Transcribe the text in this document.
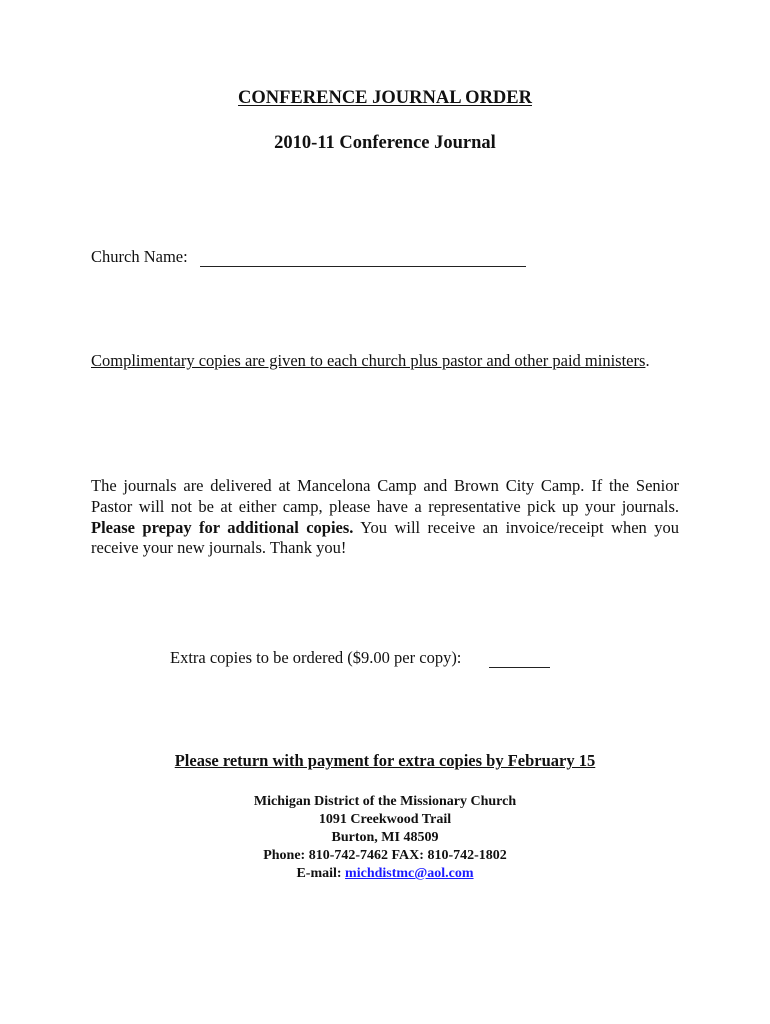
CONFERENCE JOURNAL ORDER
2010-11 Conference Journal
Church Name:
Complimentary copies are given to each church plus pastor and other paid ministers.
The journals are delivered at Mancelona Camp and Brown City Camp. If the Senior Pastor will not be at either camp, please have a representative pick up your journals. Please prepay for additional copies. You will receive an invoice/receipt when you receive your new journals. Thank you!
Extra copies to be ordered ($9.00 per copy):
Please return with payment for extra copies by February 15
Michigan District of the Missionary Church
1091 Creekwood Trail
Burton, MI 48509
Phone: 810-742-7462 FAX: 810-742-1802
E-mail: michdistmc@aol.com
